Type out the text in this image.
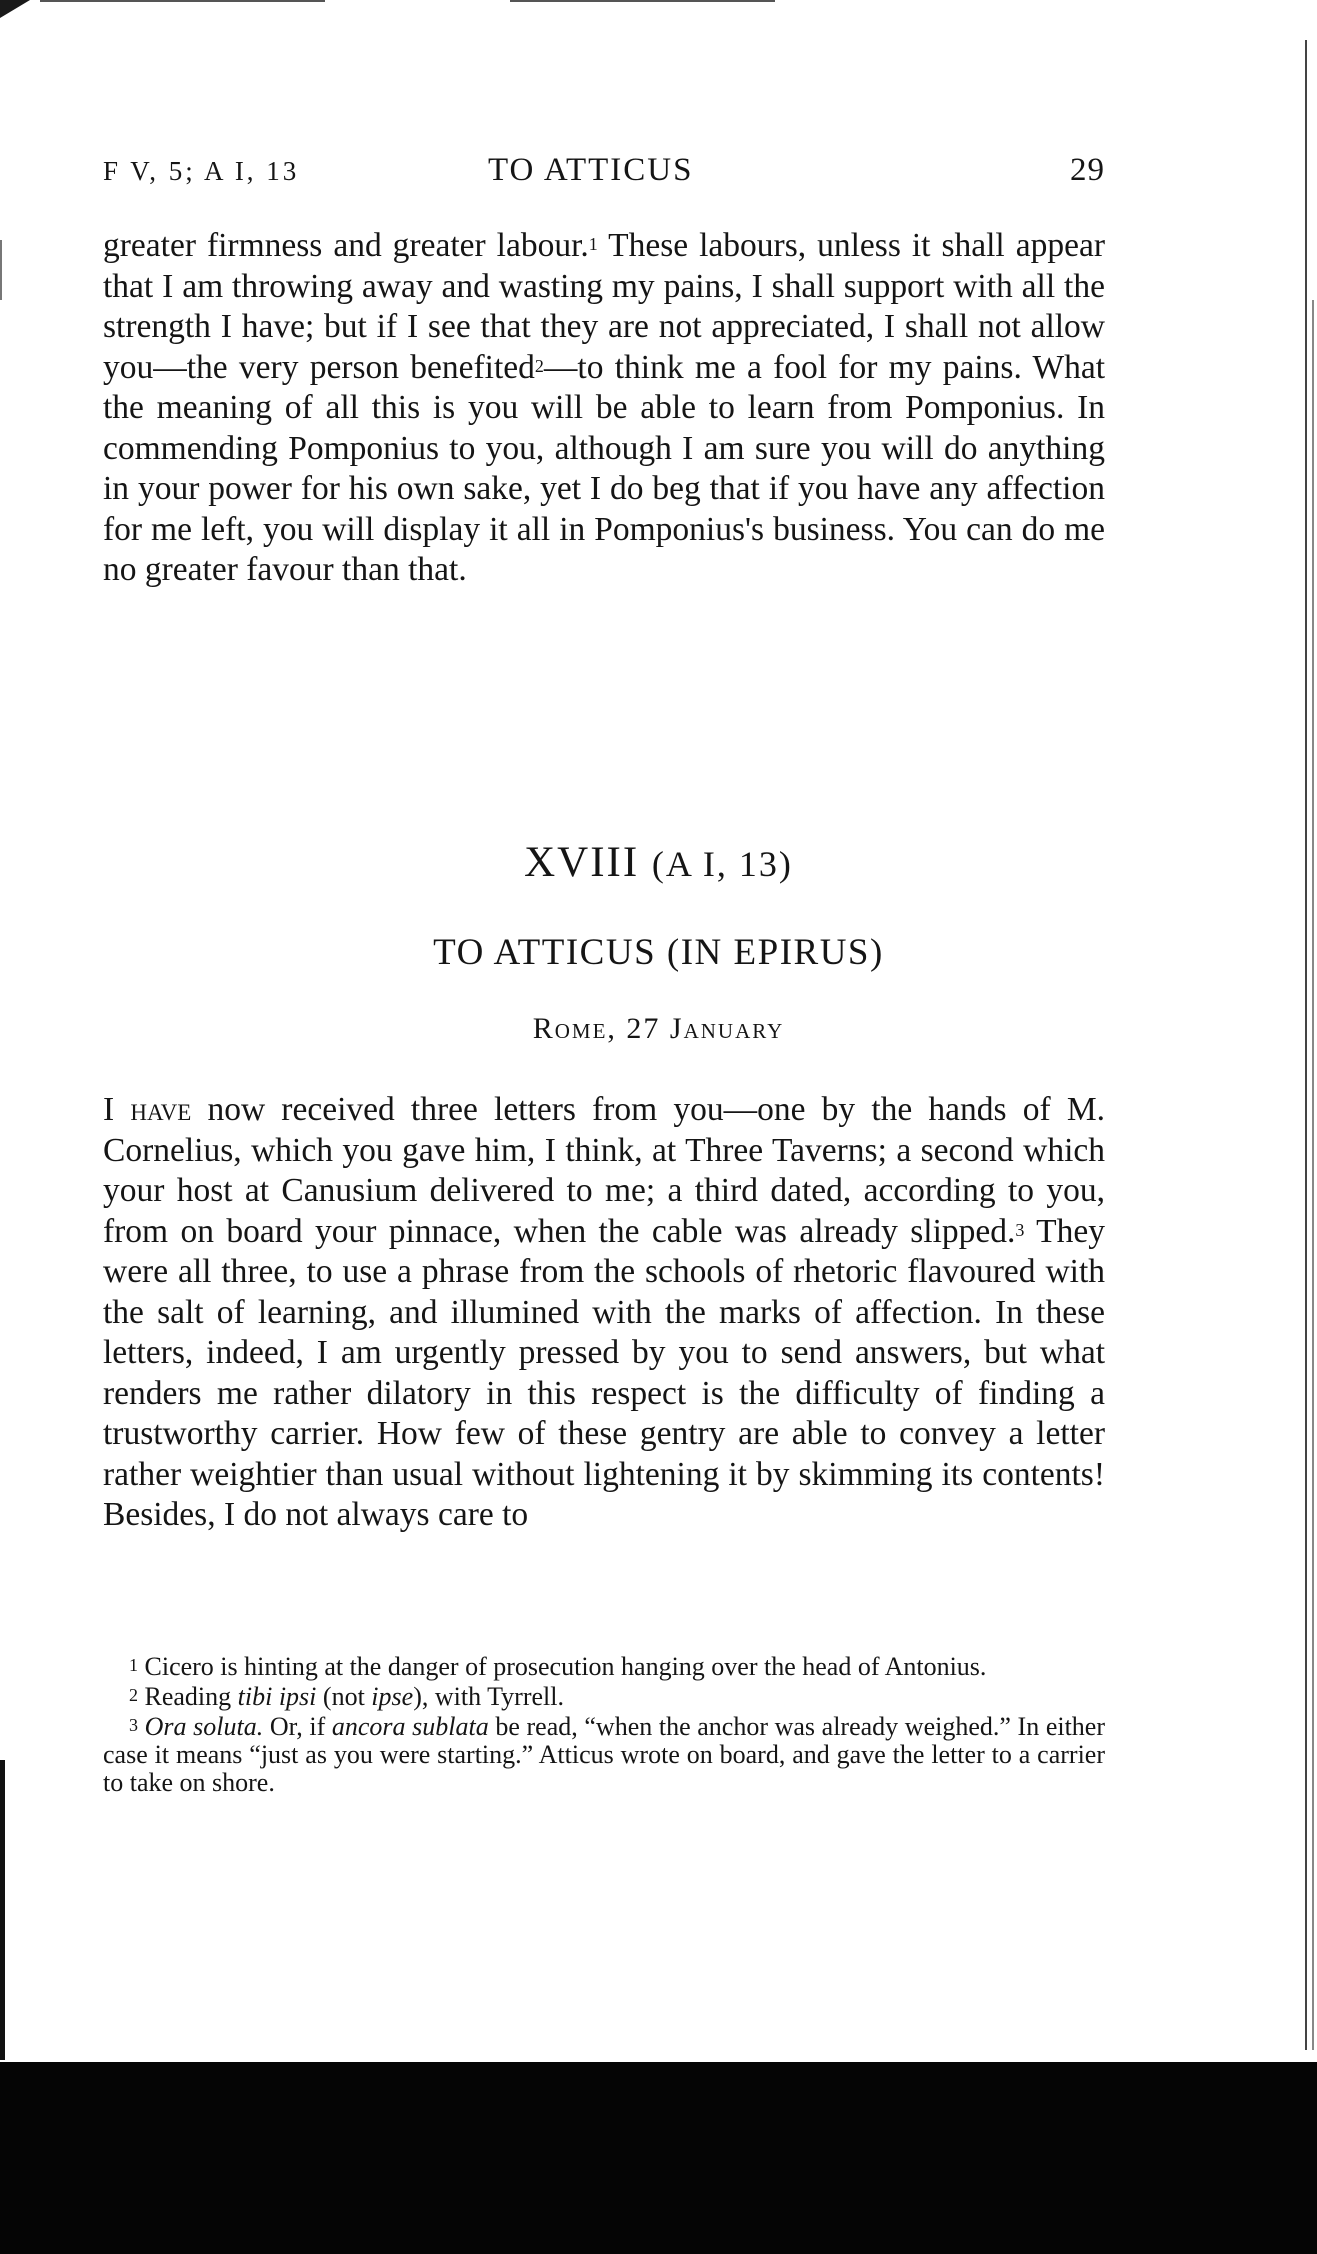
F V, 5; A I, 13	TO ATTICUS	29

greater firmness and greater labour.$^1$ These labours, unless it shall appear that I am throwing away and wasting my pains, I shall support with all the strength I have; but if I see that they are not appreciated, I shall not allow you—the very person benefited$^2$—to think me a fool for my pains. What the meaning of all this is you will be able to learn from Pomponius. In commending Pomponius to you, although I am sure you will do anything in your power for his own sake, yet I do beg that if you have any affection for me left, you will display it all in Pomponius's business. You can do me no greater favour than that.

XVIII (A I, 13)
TO ATTICUS (IN EPIRUS)
Rome, 27 January

I have now received three letters from you—one by the hands of M. Cornelius, which you gave him, I think, at Three Taverns; a second which your host at Canusium delivered to me; a third dated, according to you, from on board your pinnace, when the cable was already slipped.$^3$ They were all three, to use a phrase from the schools of rhetoric flavoured with the salt of learning, and illumined with the marks of affection. In these letters, indeed, I am urgently pressed by you to send answers, but what renders me rather dilatory in this respect is the difficulty of finding a trustworthy carrier. How few of these gentry are able to convey a letter rather weightier than usual without lightening it by skimming its contents! Besides, I do not always care to

$^1$ Cicero is hinting at the danger of prosecution hanging over the head of Antonius.

$^2$ Reading tibi ipsi (not ipse), with Tyrrell.

$^3$ Ora soluta. Or, if ancora sublata be read, “when the anchor was already weighed.” In either case it means “just as you were starting.” Atticus wrote on board, and gave the letter to a carrier to take on shore.
